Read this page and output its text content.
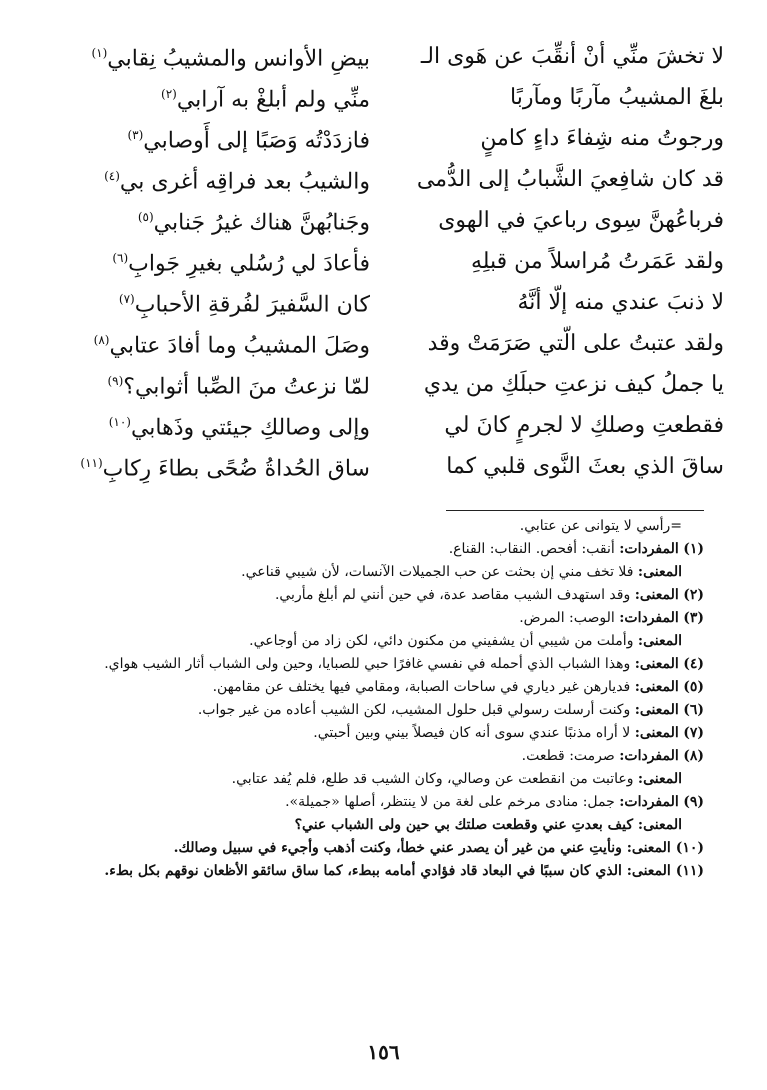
لا تخشَ منِّي أنْ أنقِّبَ عن هَوى الـ
بيضِ الأوانس والمشيبُ نِقابي$^{(١)}$
بلغَ المشيبُ مآربًا ومآربًا
منِّي ولم أبلغْ به آرابي$^{(٢)}$
ورجوتُ منه شِفاءَ داءٍ كامنٍ
فازدَدْتُه وَصَبًا إلى أَوصابي$^{(٣)}$
قد كان شافِعيَ الشَّبابُ إلى الدُّمى
والشيبُ بعد فراقِه أغرى بي$^{(٤)}$
فرباعُهنَّ سِوى رباعيَ في الهوى
وجَنابُهنَّ هناك غيرُ جَنابي$^{(٥)}$
ولقد عَمَرتُ مُراسلاً من قبلِهِ
فأعادَ لي رُسُلي بغيرِ جَوابِ$^{(٦)}$
لا ذنبَ عندي منه إلّا أنَّهُ
كان السَّفيرَ لفُرقةِ الأحبابِ$^{(٧)}$
ولقد عتبتُ على الّتي صَرَمَتْ وقد
وصَلَ المشيبُ وما أفادَ عتابي$^{(٨)}$
يا جملُ كيف نزعتِ حبلَكِ من يدي
لمّا نزعتُ منَ الصِّبا أثوابي؟$^{(٩)}$
فقطعتِ وصلكِ لا لجرمٍ كانَ لي
وإلى وصالكِ جيئتي وذَهابي$^{(١٠)}$
ساقَ الذي بعثَ النَّوى قلبي كما
ساق الحُداةُ ضُحًى بطاءَ رِكابِ$^{(١١)}$
=رأسي لا يتوانى عن عتابي.
(١) المفردات: أنقب: أفحص. النقاب: القناع.
المعنى: فلا تخف مني إن بحثت عن حب الجميلات الآنسات، لأن شيبي قناعي.
(٢) المعنى: وقد استهدف الشيب مقاصد عدة، في حين أنني لم أبلغ مأربي.
(٣) المفردات: الوصب: المرض.
المعنى: وأملت من شيبي أن يشفيني من مكنون دائي، لكن زاد من أوجاعي.
(٤) المعنى: وهذا الشباب الذي أحمله في نفسي غافرًا حبي للصبايا، وحين ولى الشباب أثار الشيب هواي.
(٥) المعنى: فديارهن غير دياري في ساحات الصبابة، ومقامي فيها يختلف عن مقامهن.
(٦) المعنى: وكنت أرسلت رسولي قبل حلول المشيب، لكن الشيب أعاده من غير جواب.
(٧) المعنى: لا أراه مذنبًا عندي سوى أنه كان فيصلاً بيني وبين أحبتي.
(٨) المفردات: صرمت: قطعت.
المعنى: وعاتبت من انقطعت عن وصالي، وكان الشيب قد طلع، فلم يُفد عتابي.
(٩) المفردات: جمل: منادى مرخم على لغة من لا ينتظر، أصلها «جميلة».
المعنى: كيف بعدتِ عني وقطعت صلتك بي حين ولى الشباب عني؟
(١٠) المعنى: ونأيتِ عني من غير أن يصدر عني خطأ، وكنت أذهب وأجيء في سبيل وصالك.
(١١) المعنى: الذي كان سببًا في البعاد قاد فؤادي أمامه ببطء، كما ساق سائقو الأظعان نوقهم بكل بطء.
١٥٦
